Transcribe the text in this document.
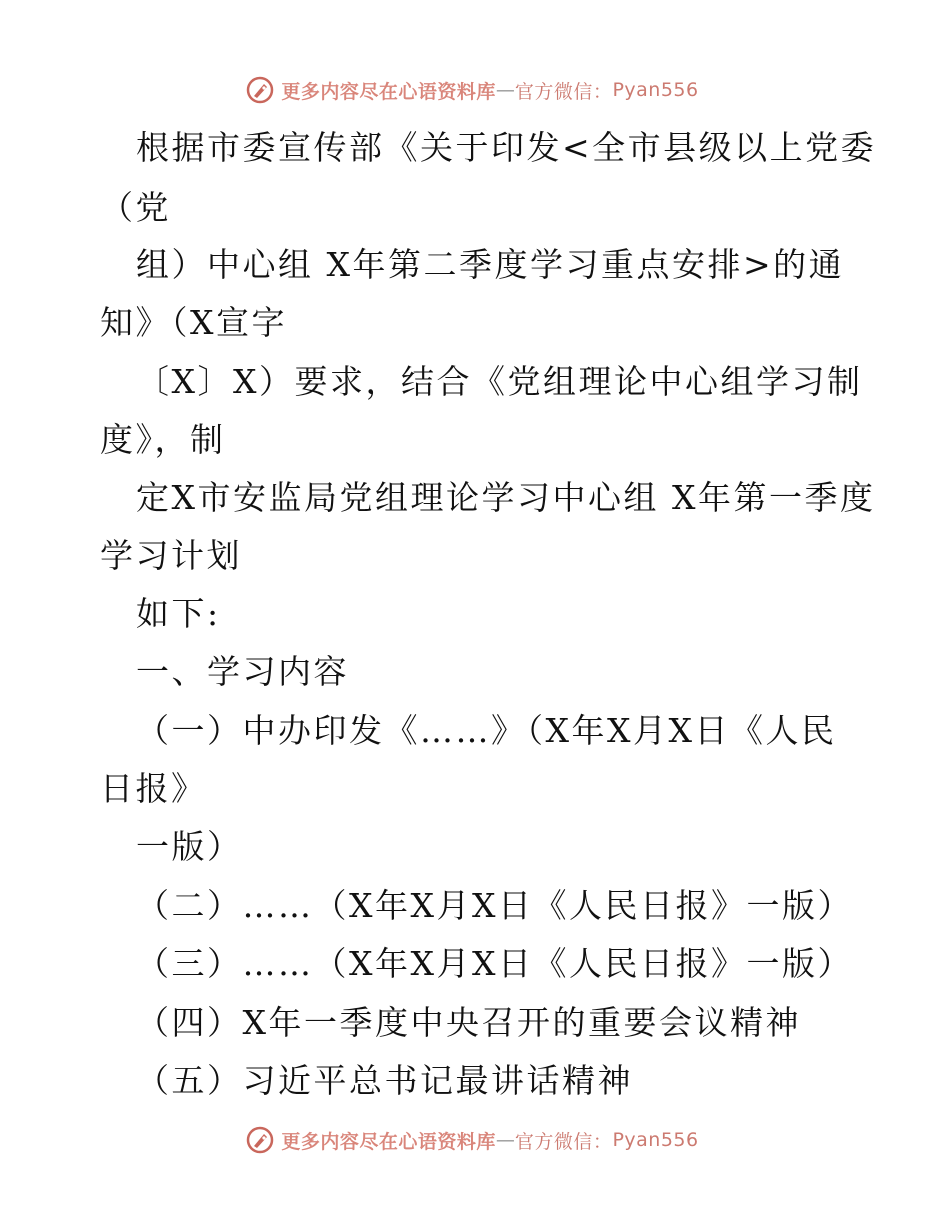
更多内容尽在心语资料库 — 官方微信： Pyan556
根据市委宣传部《关于印发<全市县级以上党委
（党
组）中心组 X年第二季度学习重点安排>的通
知》（X宣字
〔X〕X）要求，结合《党组理论中心组学习制
度》，制
定X市安监局党组理论学习中心组 X年第一季度
学习计划
如下:
一、学习内容
（一）中办印发《……》（X年X月X日《人民
日报》
一版）
（二）……（X年X月X日《人民日报》一版）
（三）……（X年X月X日《人民日报》一版）
（四）X年一季度中央召开的重要会议精神
（五）习近平总书记最讲话精神
更多内容尽在心语资料库 — 官方微信： Pyan556
